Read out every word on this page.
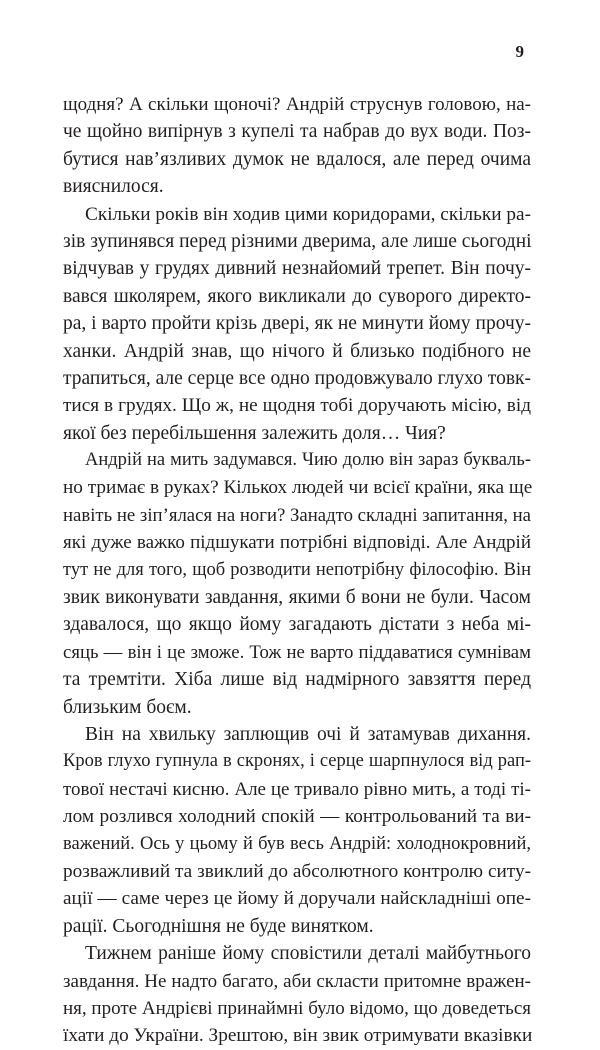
9
щодня? А скільки щоночі? Андрій струснув головою, на-
че щойно випірнув з купелі та набрав до вух води. Поз-
бутися нав’язливих думок не вдалося, але перед очима
вияснилося.
Скільки років він ходив цими коридорами, скільки ра-
зів зупинявся перед різними дверима, але лише сьогодні
відчував у грудях дивний незнайомий трепет. Він почу-
вався школярем, якого викликали до суворого директо-
ра, і варто пройти крізь двері, як не минути йому прочу-
ханки. Андрій знав, що нічого й близько подібного не
трапиться, але серце все одно продовжувало глухо товк-
тися в грудях. Що ж, не щодня тобі доручають місію, від
якої без перебільшення залежить доля… Чия?
Андрій на мить задумався. Чию долю він зараз букваль-
но тримає в руках? Кількох людей чи всієї країни, яка ще
навіть не зіп’ялася на ноги? Занадто складні запитання, на
які дуже важко підшукати потрібні відповіді. Але Андрій
тут не для того, щоб розводити непотрібну філософію. Він
звик виконувати завдання, якими б вони не були. Часом
здавалося, що якщо йому загадають дістати з неба мі-
сяць — він і це зможе. Тож не варто піддаватися сумнівам
та тремтіти. Хіба лише від надмірного завзяття перед
близьким боєм.
Він на хвильку заплющив очі й затамував дихання.
Кров глухо гупнула в скронях, і серце шарпнулося від рап-
тової нестачі кисню. Але це тривало рівно мить, а тоді ті-
лом розлився холодний спокій — контрольований та ви-
важений. Ось у цьому й був весь Андрій: холоднокровний,
розважливий та звиклий до абсолютного контролю ситу-
ації — саме через це йому й доручали найскладніші опе-
рації. Сьогоднішня не буде винятком.
Тижнем раніше йому сповістили деталі майбутнього
завдання. Не надто багато, аби скласти притомне вражен-
ня, проте Андрієві принаймні було відомо, що доведеться
їхати до України. Зрештою, він звик отримувати вказівки
